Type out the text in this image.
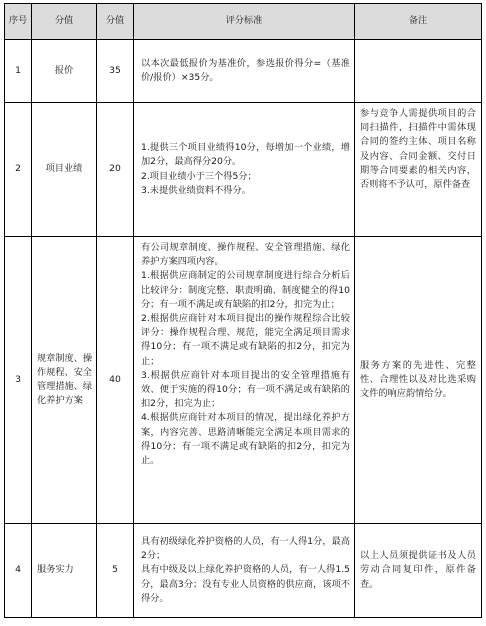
序号	分值	分值	评分标准	备注
1	报价	35	以本次最低报价为基准价，参选报价得分=（基准价/报价）×35分。	

2	项目业绩	20	1.提供三个项目业绩得10分，每增加一个业绩，增加2分，最高得分20分。
2.项目业绩小于三个得5分；
3.未提供业绩资料不得分。	参与竞争人需提供项目的合同扫描件，扫描件中需体现合同的签约主体、项目名称及内容、合同金额、交付日期等合同要素的相关内容，否则将不予认可，原件备查

3	规章制度、操作规程、安全管理措施、绿化养护方案	40	有公司规章制度、操作规程、安全管理措施、绿化养护方案四项内容。
1.根据供应商制定的公司规章制度进行综合分析后比较评分：制度完整、职责明确、制度健全的得10分；有一项不满足或有缺陷的扣2分，扣完为止；
2.根据供应商针对本项目提出的操作规程综合比较评分：操作规程合理、规范，能完全满足项目需求得10分；有一项不满足或有缺陷的扣2分，扣完为止；
3.根据供应商针对本项目提出的安全管理措施有效、便于实施的得10分；有一项不满足或有缺陷的扣2分，扣完为止；
4.根据供应商针对本项目的情况，提出绿化养护方案，内容完善、思路清晰能完全满足本项目需求的得10分；有一项不满足或有缺陷的扣2分，扣完为止。	服务方案的先进性、完整性、合理性以及对比选采购文件的响应韵情给分。

4	服务实力	5	具有初级绿化养护资格的人员，有一人得1分，最高2分；
具有中级及以上绿化养护资格的人员，有一人得1.5分，最高3分；没有专业人员资格的供应商，该项不得分。	以上人员须提供证书及人员劳动合同复印件，原件备查。
